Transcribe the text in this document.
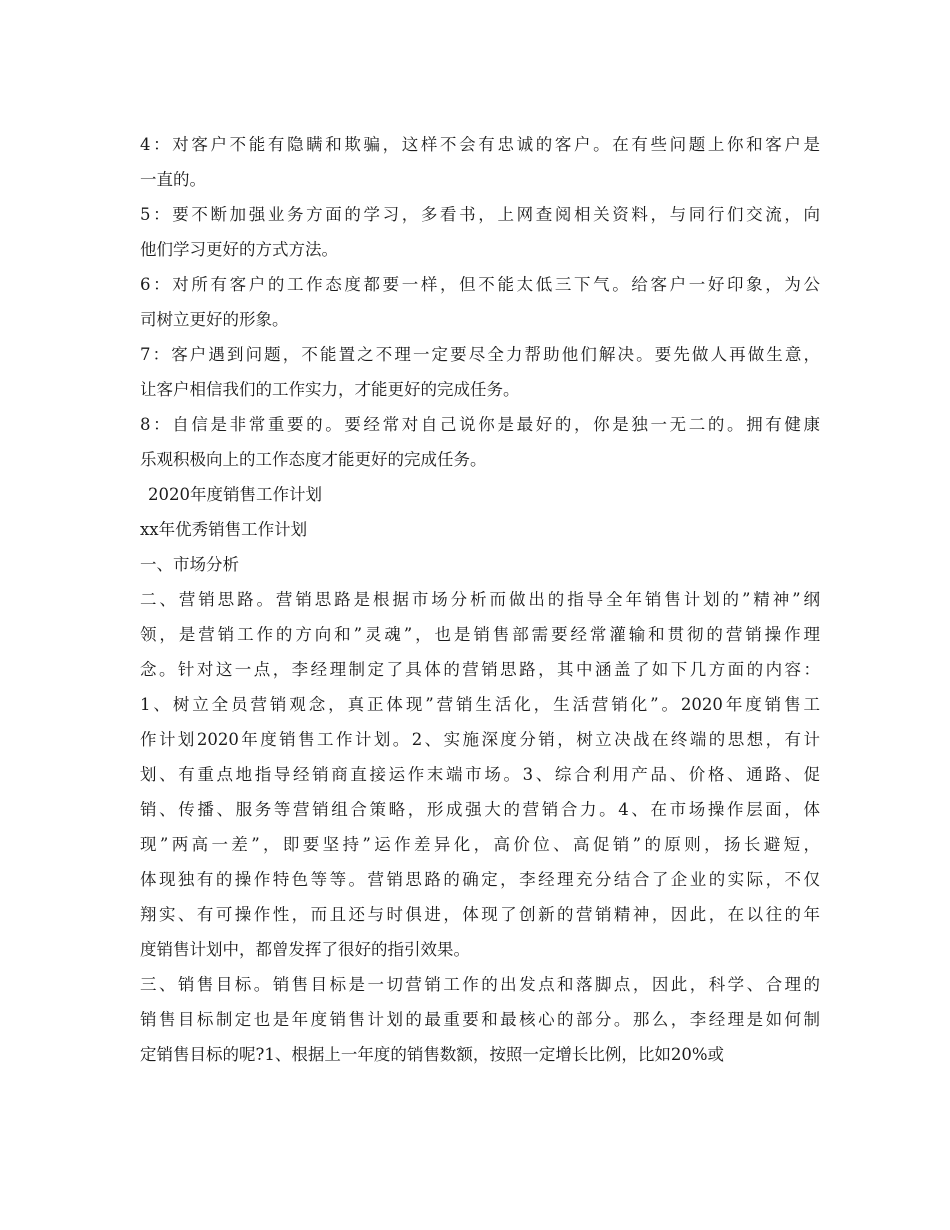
4：对客户不能有隐瞒和欺骗，这样不会有忠诚的客户。在有些问题上你和客户是
一直的。
5：要不断加强业务方面的学习，多看书，上网查阅相关资料，与同行们交流，向
他们学习更好的方式方法。
6：对所有客户的工作态度都要一样，但不能太低三下气。给客户一好印象，为公
司树立更好的形象。
7：客户遇到问题，不能置之不理一定要尽全力帮助他们解决。要先做人再做生意，
让客户相信我们的工作实力，才能更好的完成任务。
8：自信是非常重要的。要经常对自己说你是最好的，你是独一无二的。拥有健康
乐观积极向上的工作态度才能更好的完成任务。
2020年度销售工作计划
xx年优秀销售工作计划
一、市场分析
二、营销思路。营销思路是根据市场分析而做出的指导全年销售计划的”精神”纲
领，是营销工作的方向和”灵魂”，也是销售部需要经常灌输和贯彻的营销操作理
念。针对这一点，李经理制定了具体的营销思路，其中涵盖了如下几方面的内容：
1、树立全员营销观念，真正体现”营销生活化，生活营销化”。2020年度销售工
作计划2020年度销售工作计划。2、实施深度分销，树立决战在终端的思想，有计
划、有重点地指导经销商直接运作末端市场。3、综合利用产品、价格、通路、促
销、传播、服务等营销组合策略，形成强大的营销合力。4、在市场操作层面，体
现”两高一差”，即要坚持”运作差异化，高价位、高促销”的原则，扬长避短，
体现独有的操作特色等等。营销思路的确定，李经理充分结合了企业的实际，不仅
翔实、有可操作性，而且还与时俱进，体现了创新的营销精神，因此，在以往的年
度销售计划中，都曾发挥了很好的指引效果。
三、销售目标。销售目标是一切营销工作的出发点和落脚点，因此，科学、合理的
销售目标制定也是年度销售计划的最重要和最核心的部分。那么，李经理是如何制
定销售目标的呢?1、根据上一年度的销售数额，按照一定增长比例，比如20%或
